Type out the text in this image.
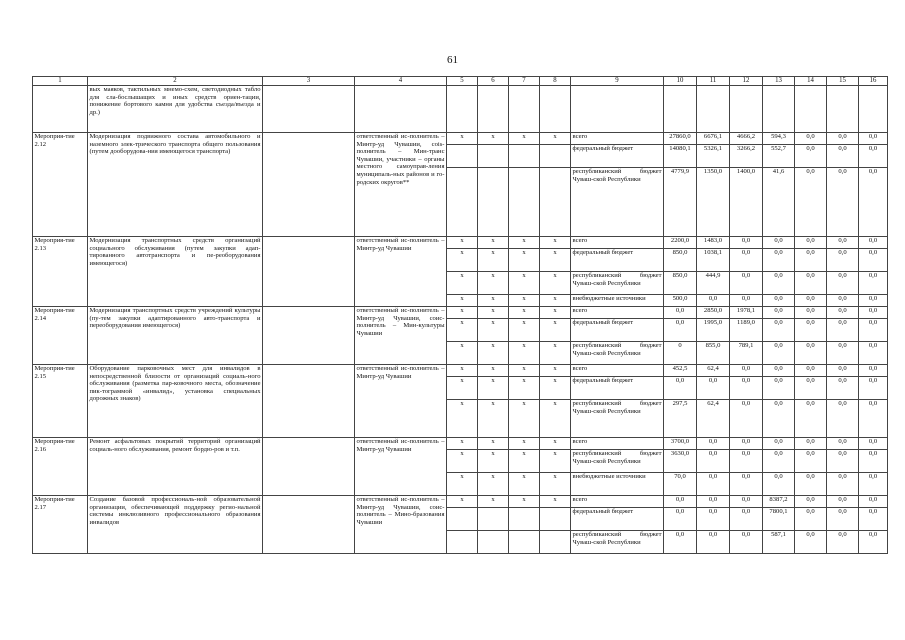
61
1	2	3	4	5	6	7	8	9	10	11	12	13	14	15	16
	вых маяков, тактильных мнемо-схем, светодиодных табло для сла-бослышащих и иных средств ориен-тации, понижение бортового камня для удобства съезда/въезда и др.)														
Мероприя-тие 2.12	Модернизация подвижного состава автомобильного и наземного элек-трического транспорта общего пользования (путем дооборудова-ния имеющегося транспорта)		ответственный ис-полнитель – Минтр-уд Чувашии, сois-полнитель – Мин-транс Чувашии, участники – органы местного самоуправ-ления муниципаль-ных районов и го-родских округов**	x	x	x	x	всего	27860,0	6676,1	4666,2	594,3	0,0	0,0	0,0
								федеральный бюджет	14080,1	5326,1	3266,2	552,7	0,0	0,0	0,0
								республиканский бюджет Чуваш-ской Республики	4779,9	1350,0	1400,0	41,6	0,0	0,0	0,0
Мероприя-тие 2.13	Модернизация транспортных средств организаций социального обслуживания (путем закупки адап-тированного автотранспорта и пе-реоборудования имеющегося)		ответственный ис-полнитель – Минтр-уд Чувашии	x	x	x	x	всего	2200,0	1483,0	0,0	0,0	0,0	0,0	0,0
				x	x	x	x	федеральный бюджет	850,0	1038,1	0,0	0,0	0,0	0,0	0,0
				x	x	x	x	республиканский бюджет Чуваш-ской Республики	850,0	444,9	0,0	0,0	0,0	0,0	0,0
				x	x	x	x	внебюджетные источники	500,0	0,0	0,0	0,0	0,0	0,0	0,0
Мероприя-тие 2.14	Модернизация транспортных средств учреждений культуры (пу-тем закупки адаптированного авто-транспорта и переоборудования имеющегося)		ответственный ис-полнитель – Минтр-уд Чувашии, соис-полнитель – Мин-культуры Чувашии	x	x	x	x	всего	0,0	2850,0	1978,1	0,0	0,0	0,0	0,0
				x	x	x	x	федеральный бюджет	0,0	1995,0	1189,0	0,0	0,0	0,0	0,0
				x	x	x	x	республиканский бюджет Чуваш-ской Республики	0	855,0	789,1	0,0	0,0	0,0	0,0
Мероприя-тие 2.15	Оборудование парковочных мест для инвалидов в непосредственной близости от организаций социаль-ного обслуживания (разметка пар-ковочного места, обозначение пик-тограммой «инвалид», установка специальных дорожных знаков)		ответственный ис-полнитель – Минтр-уд Чувашии	x	x	x	x	всего	452,5	62,4	0,0	0,0	0,0	0,0	0,0
				x	x	x	x	федеральный бюджет	0,0	0,0	0,0	0,0	0,0	0,0	0,0
				x	x	x	x	республиканский бюджет Чуваш-ской Республики	297,5	62,4	0,0	0,0	0,0	0,0	0,0
Мероприя-тие 2.16	Ремонт асфальтовых покрытий территорий организаций социаль-ного обслуживания, ремонт бордю-ров и т.п.		ответственный ис-полнитель – Минтр-уд Чувашии	x	x	x	x	всего	3700,0	0,0	0,0	0,0	0,0	0,0	0,0
				x	x	x	x	республиканский бюджет Чуваш-ской Республики	3630,0	0,0	0,0	0,0	0,0	0,0	0,0
				x	x	x	x	внебюджетные источники	70,0	0,0	0,0	0,0	0,0	0,0	0,0
Мероприя-тие 2.17	Создание базовой профессиональ-ной образовательной организации, обеспечивающей поддержку регио-нальной системы инклюзивного профессионального образования инвалидов		ответственный ис-полнитель – Минтр-уд Чувашии, соис-полнитель – Мино-бразования Чувашии	x	x	x	x	всего	0,0	0,0	0,0	8387,2	0,0	0,0	0,0
								федеральный бюджет	0,0	0,0	0,0	7800,1	0,0	0,0	0,0
								республиканский бюджет Чуваш-ской Республики	0,0	0,0	0,0	587,1	0,0	0,0	0,0
